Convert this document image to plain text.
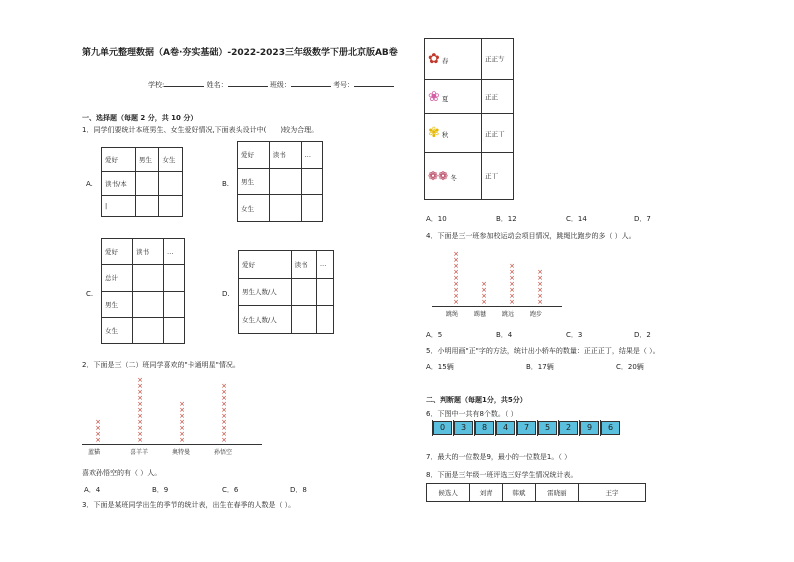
第九单元整理数据（A卷·夯实基础）-2022-2023三年级数学下册北京版AB卷
学校:	姓名：	班级：	考号：
一、选择题（每题 2 分，共 10 分）
1．同学们要统计本班男生、女生爱好情况,下面表头设计中(　　)较为合理。
A.
爱好	男生	女生
读书/本		
|		
B.
爱好	读书	…
男生		
女生		
C.
爱好	读书	…
总计		
男生		
女生		
D.
爱好	读书	…
男生人数/人		
女生人数/人		
2．下面是三（二）班同学喜欢的"卡通明星"情况。
×
×
×
×
蓝猫
×
×
×
×
×
×
×
×
×
×
×
喜羊羊
×
×
×
×
×
×
×
奥特曼
×
×
×
×
×
×
×
×
×
×
孙悟空
喜欢孙悟空的有（ ）人。
A．4	B．9	C．6	D．8
3．下面是某班同学出生的季节的统计表，出生在春季的人数是（ ）。
✿ 春	正正𠀁
❀ 夏	正正
✾ 秋	正正丅
❁❁ 冬	正丅
A．10	B．12	C．14	D．7
4．下面是三一班参加校运动会项目情况，跳绳比跑步的多（ ）人。
×
×
×
×
×
×
×
×
×
跳绳
×
×
×
×
踢毽
×
×
×
×
×
×
×
跳远
×
×
×
×
×
×
跑步
A．5	B．4	C．3	D．2
5．小明用画"正"字的方法，统计出小轿车的数量：正正正丁，结果是（ ）。
A．15辆	B．17辆	C．20辆
二、判断题（每题1分，共5分）
6．下图中一共有8个数。（ ）
0	3	8	4	7	5	2	9	6
7．最大的一位数是9，最小的一位数是1。（ ）
8．下面是三年级一班评选三好学生情况统计表。
候选人	刘青	韩斌	雷晓丽	王宇
